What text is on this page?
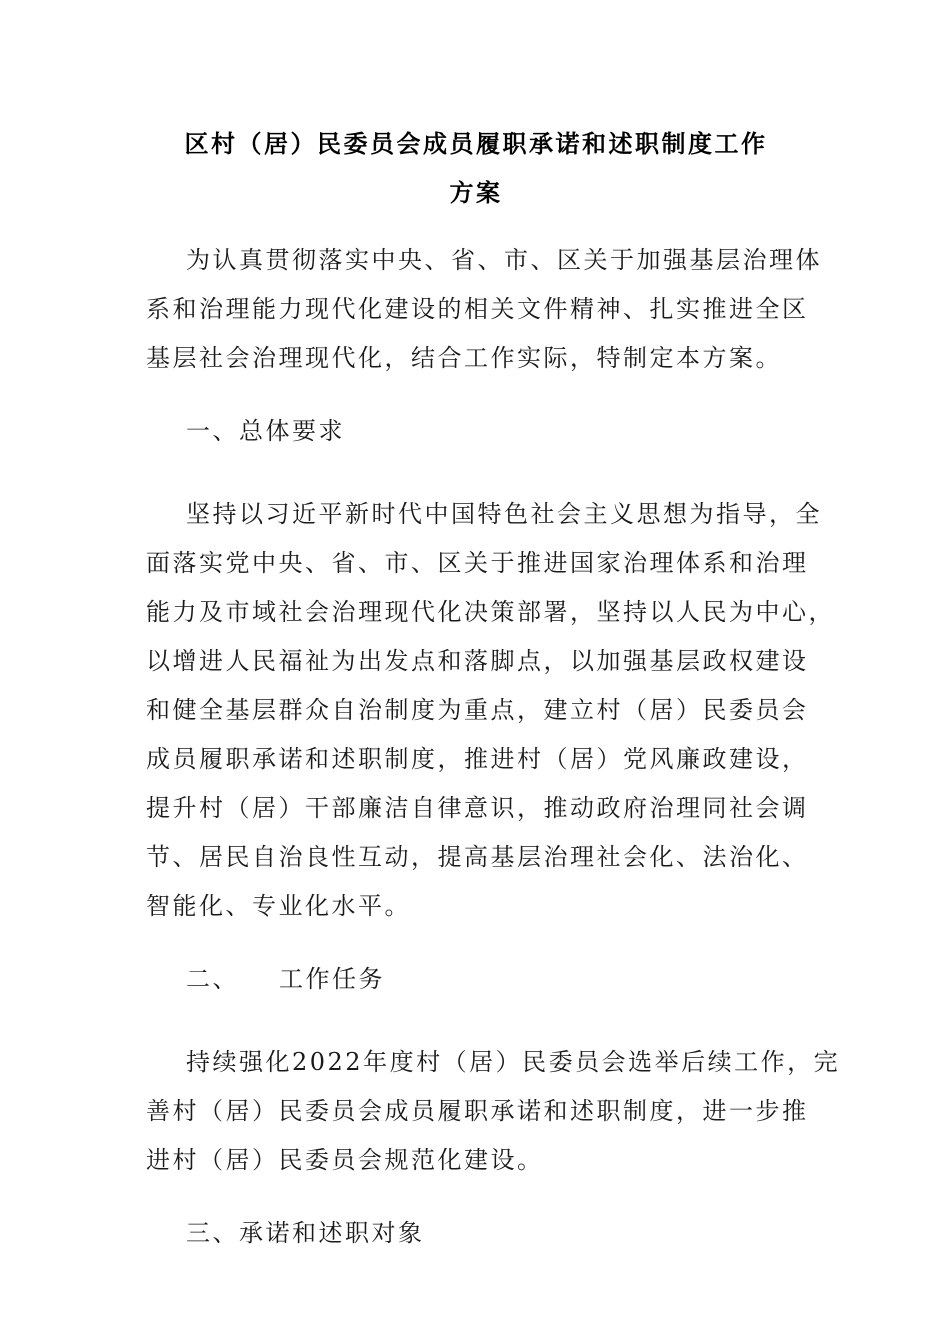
区村（居）民委员会成员履职承诺和述职制度工作
方案
为认真贯彻落实中央、省、市、区关于加强基层治理体
系和治理能力现代化建设的相关文件精神、扎实推进全区
基层社会治理现代化，结合工作实际，特制定本方案。
一、总体要求
坚持以习近平新时代中国特色社会主义思想为指导，全
面落实党中央、省、市、区关于推进国家治理体系和治理
能力及市域社会治理现代化决策部署，坚持以人民为中心，
以增进人民福祉为出发点和落脚点，以加强基层政权建设
和健全基层群众自治制度为重点，建立村（居）民委员会
成员履职承诺和述职制度，推进村（居）党风廉政建设，
提升村（居）干部廉洁自律意识，推动政府治理同社会调
节、居民自治良性互动，提高基层治理社会化、法治化、
智能化、专业化水平。
二、 工作任务
持续强化2022年度村（居）民委员会选举后续工作，完
善村（居）民委员会成员履职承诺和述职制度，进一步推
进村（居）民委员会规范化建设。
三、承诺和述职对象
